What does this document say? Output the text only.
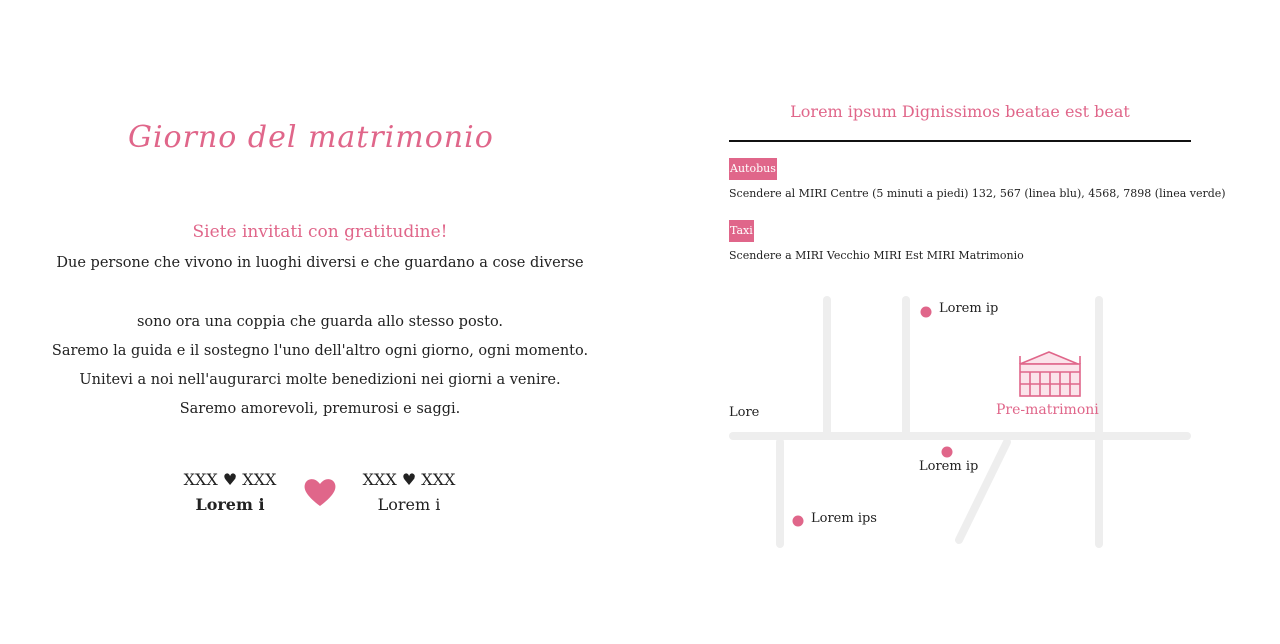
Giorno del matrimonio
Siete invitati con gratitudine!
Due persone che vivono in luoghi diversi e che guardano a cose diverse
sono ora una coppia che guarda allo stesso posto.
Saremo la guida e il sostegno l'uno dell'altro ogni giorno, ogni momento.
Unitevi a noi nell'augurarci molte benedizioni nei giorni a venire.
Saremo amorevoli, premurosi e saggi.
XXX ♥ XXX
Lorem i
XXX ♥ XXX
Lorem i
Lorem ipsum Dignissimos beatae est beat
Autobus
Scendere al MIRI Centre (5 minuti a piedi) 132, 567 (linea blu), 4568, 7898 (linea verde)
Taxi
Scendere a MIRI Vecchio MIRI Est MIRI Matrimonio
Lorem ip
Lore	Pre-matrimoni
Lorem ip
Lorem ips
